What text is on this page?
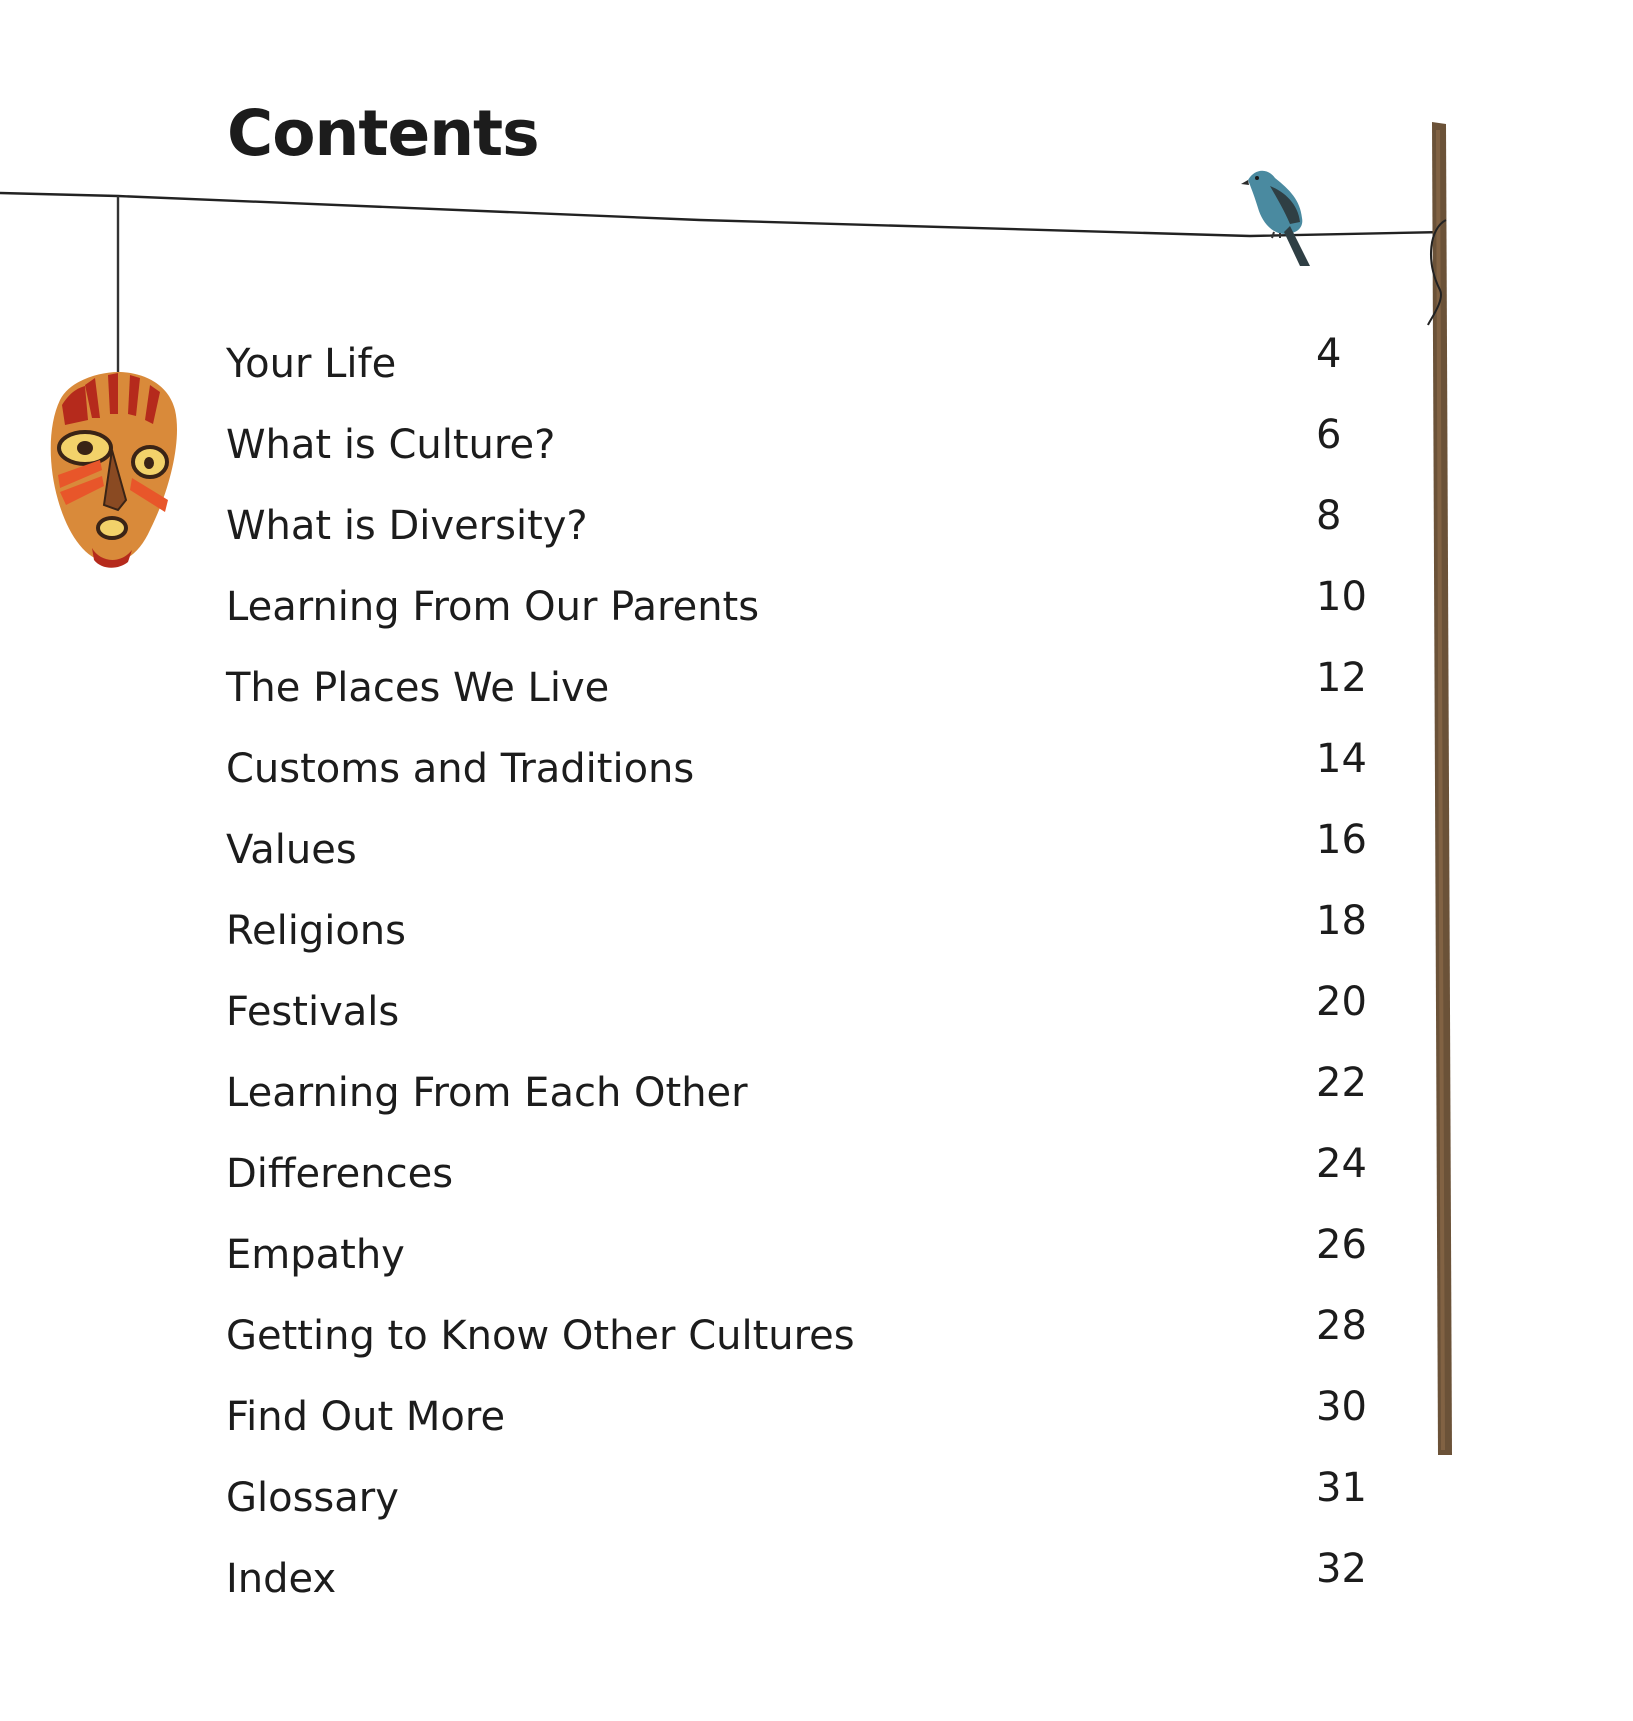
Contents
Your Life	4
What is Culture?	6
What is Diversity?	8
Learning From Our Parents	10
The Places We Live	12
Customs and Traditions	14
Values	16
Religions	18
Festivals	20
Learning From Each Other	22
Differences	24
Empathy	26
Getting to Know Other Cultures	28
Find Out More	30
Glossary	31
Index	32
